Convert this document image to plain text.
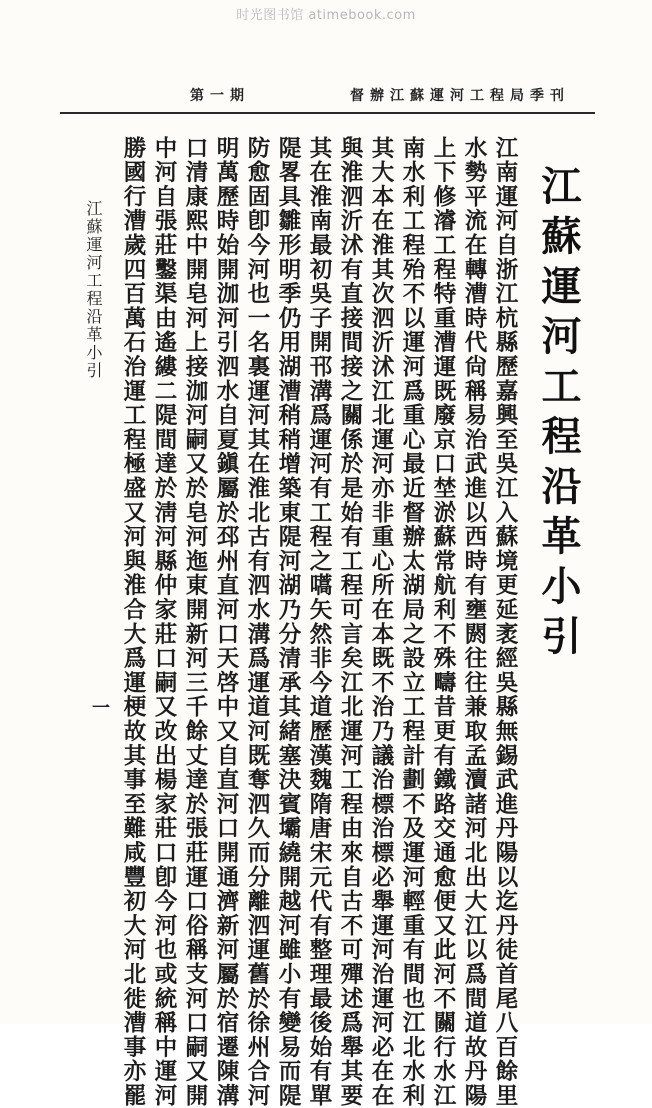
时光图书馆 atimebook.com
第一期	督辦江蘇運河工程局季刊
江蘇運河工程沿革小引
江南運河自浙江杭縣歷嘉興至吳江入蘇境更延袤經吳縣無錫武進丹陽以迄丹徒首尾八百餘里
水勢平流在轉漕時代尙稱易治武進以西時有壅閼往往兼取孟瀆諸河北出大江以爲間道故丹陽
上下修濬工程特重漕運既廢京口埜淤蘇常航利不殊疇昔更有鐵路交通愈便又此河不關行水江
南水利工程殆不以運河爲重心最近督辦太湖局之設立工程計劃不及運河輕重有間也江北水利
其大本在淮其次泗沂沭江北運河亦非重心所在本既不治乃議治標治標必舉運河治運河必在在
與淮泗沂沭有直接間接之關係於是始有工程可言矣江北運河工程由來自古不可殫述爲舉其要
其在淮南最初吳子開邗溝爲運河有工程之嚆矢然非今道歷漢魏隋唐宋元代有整理最後始有單
隄畧具雛形明季仍用湖漕稍稍增築東隄河湖乃分清承其緒塞決賓壩繞開越河雖小有變易而隄
防愈固卽今河也一名裏運河其在淮北古有泗水溝爲運道河既奪泗久而分離泗運舊於徐州合河
明萬歷時始開泇河引泗水自夏鎭屬於邳州直河口天啓中又自直河口開通濟新河屬於宿遷陳溝
口清康熙中開皂河上接泇河嗣又於皂河迤東開新河三千餘丈達於張莊運口俗稱支河口嗣又開
中河自張莊鑿渠由遙縷二隄間達於淸河縣仲家莊口嗣又改出楊家莊口卽今河也或統稱中運河
勝國行漕歲四百萬石治運工程極盛又河與淮合大爲運梗故其事至難咸豐初大河北徙漕事亦罷
江蘇運河工程沿革小引
一
